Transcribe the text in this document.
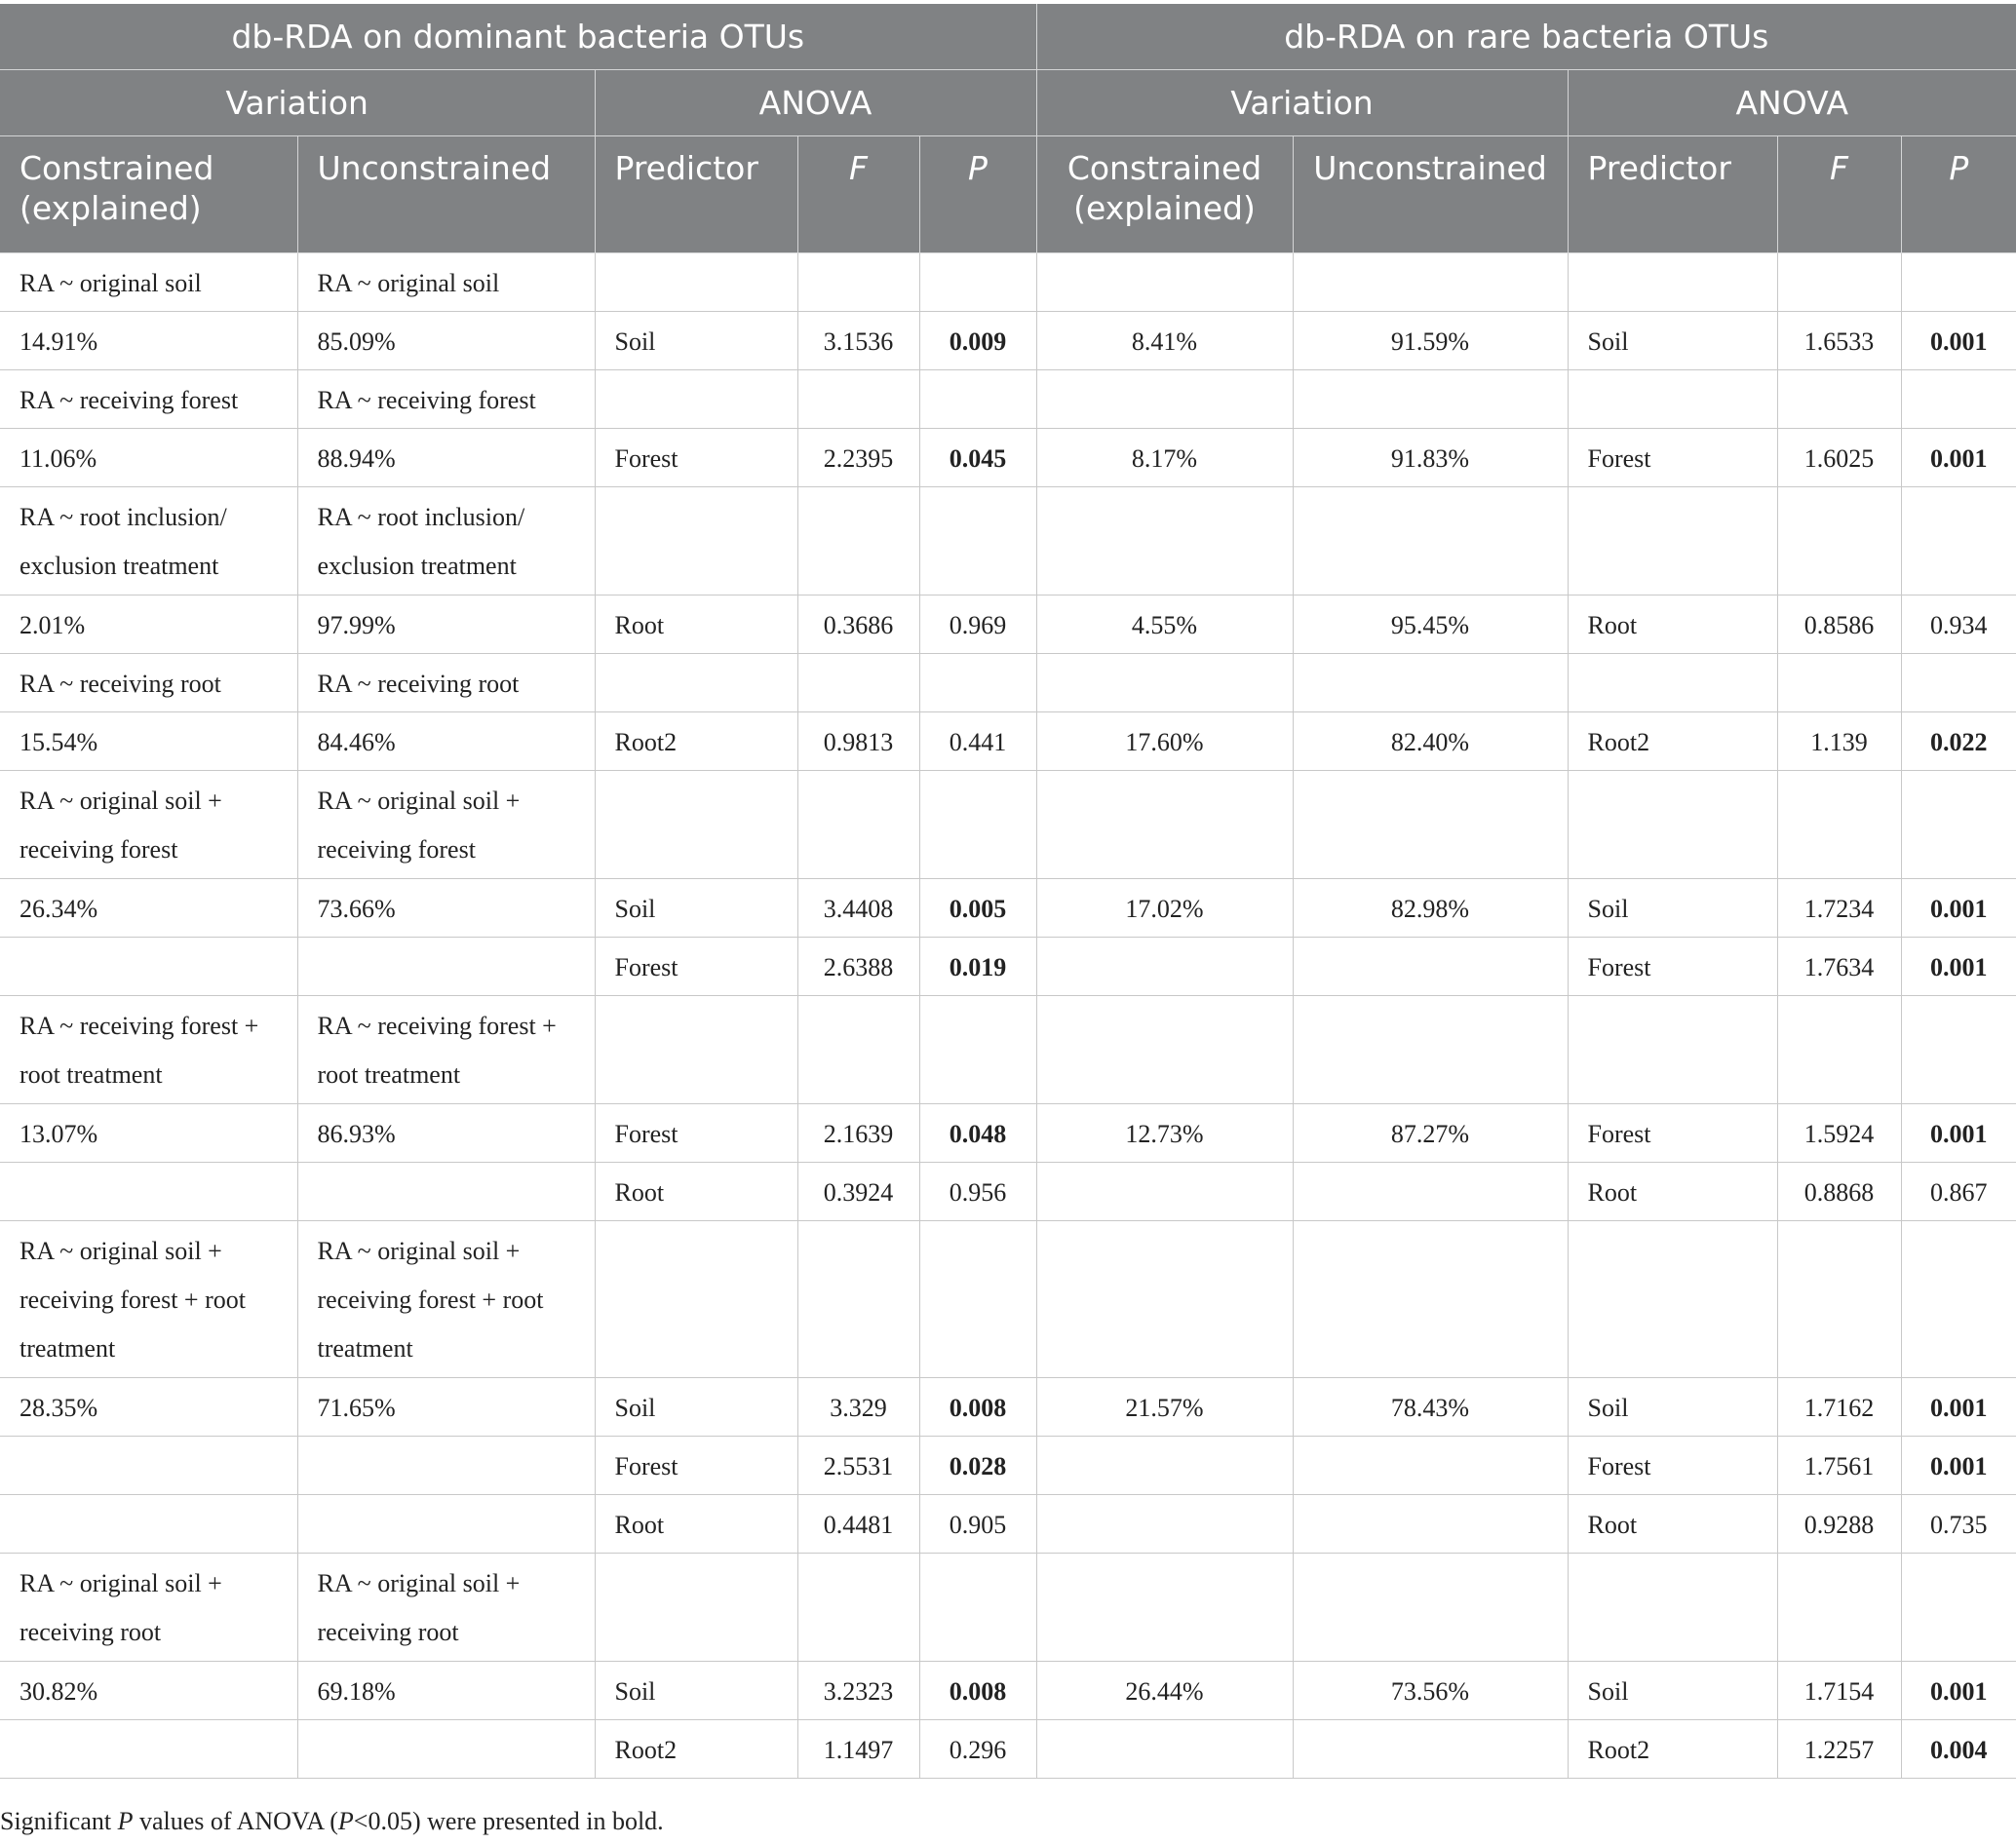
db-RDA on dominant bacteria OTUs					db-RDA on rare bacteria OTUs				
Variation		ANOVA			Variation		ANOVA		
Constrained (explained)	Unconstrained	Predictor	F	P	Constrained (explained)	Unconstrained	Predictor	F	P
RA ~ original soil	RA ~ original soil								
14.91%	85.09%	Soil	3.1536	0.009	8.41%	91.59%	Soil	1.6533	0.001
RA ~ receiving forest	RA ~ receiving forest								
11.06%	88.94%	Forest	2.2395	0.045	8.17%	91.83%	Forest	1.6025	0.001
RA ~ root inclusion/ exclusion treatment	RA ~ root inclusion/ exclusion treatment								
2.01%	97.99%	Root	0.3686	0.969	4.55%	95.45%	Root	0.8586	0.934
RA ~ receiving root	RA ~ receiving root								
15.54%	84.46%	Root2	0.9813	0.441	17.60%	82.40%	Root2	1.139	0.022
RA ~ original soil + receiving forest	RA ~ original soil + receiving forest								
26.34%	73.66%	Soil	3.4408	0.005	17.02%	82.98%	Soil	1.7234	0.001
		Forest	2.6388	0.019			Forest	1.7634	0.001
RA ~ receiving forest + root treatment	RA ~ receiving forest + root treatment								
13.07%	86.93%	Forest	2.1639	0.048	12.73%	87.27%	Forest	1.5924	0.001
		Root	0.3924	0.956			Root	0.8868	0.867
RA ~ original soil + receiving forest + root treatment	RA ~ original soil + receiving forest + root treatment								
28.35%	71.65%	Soil	3.329	0.008	21.57%	78.43%	Soil	1.7162	0.001
		Forest	2.5531	0.028			Forest	1.7561	0.001
		Root	0.4481	0.905			Root	0.9288	0.735
RA ~ original soil + receiving root	RA ~ original soil + receiving root								
30.82%	69.18%	Soil	3.2323	0.008	26.44%	73.56%	Soil	1.7154	0.001
		Root2	1.1497	0.296			Root2	1.2257	0.004
Significant P values of ANOVA (P<0.05) were presented in bold.
